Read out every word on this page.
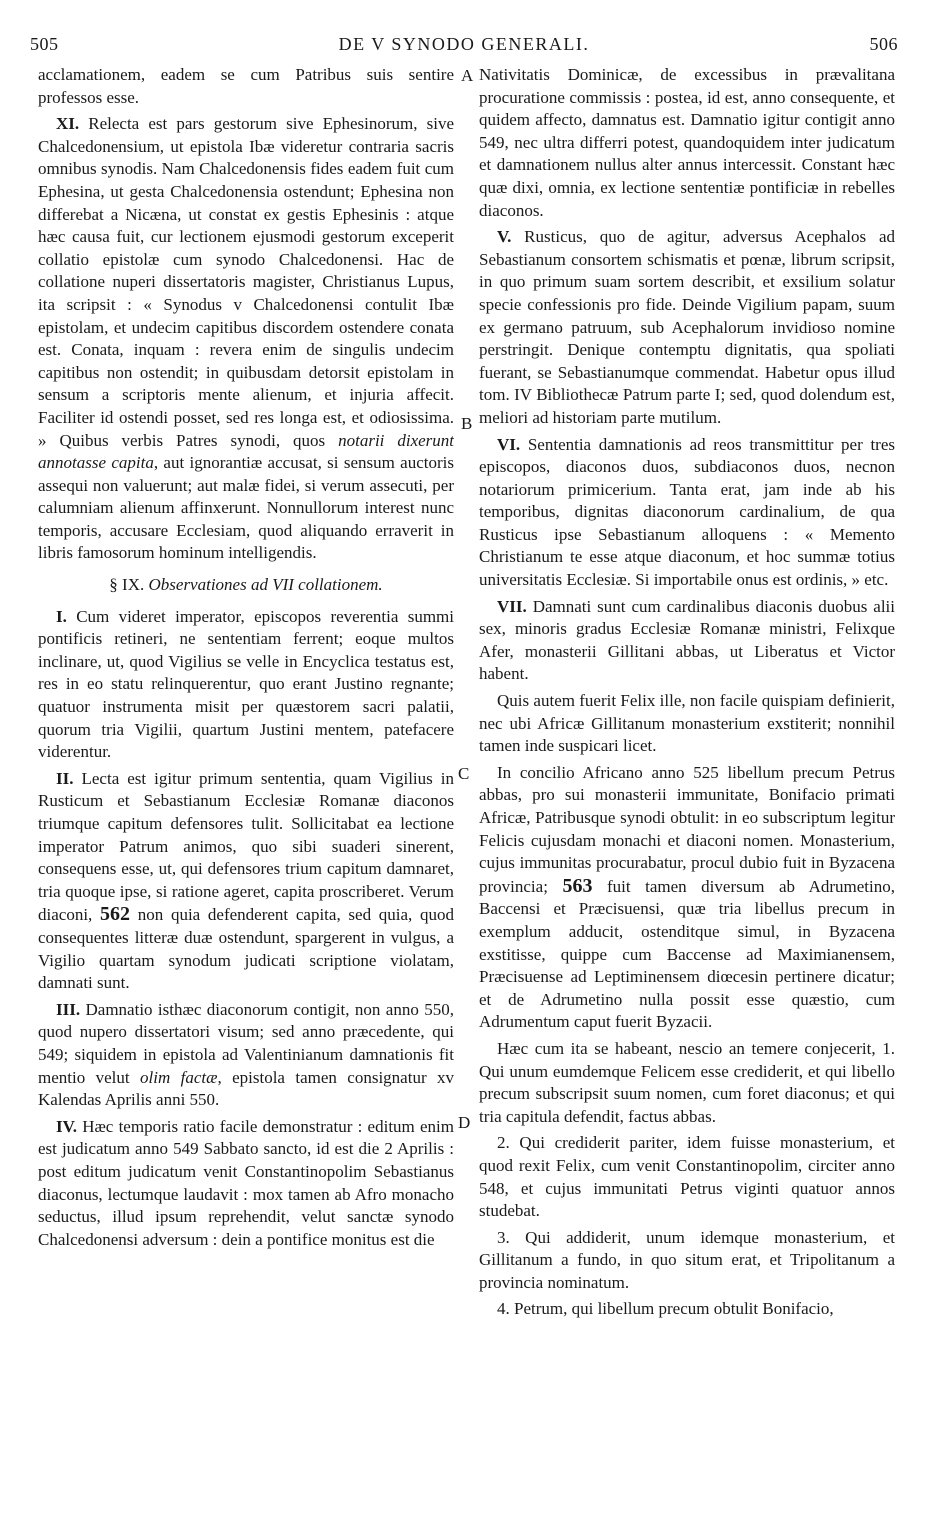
505	DE V SYNODO GENERALI.	506
A
B
C
D

acclamationem, eadem se cum Patribus suis sentire professos esse.

XI. Relecta est pars gestorum sive Ephesinorum, sive Chalcedonensium, ut epistola Ibæ videretur contraria sacris omnibus synodis. Nam Chalcedonensis fides eadem fuit cum Ephesina, ut gesta Chalcedonensia ostendunt; Ephesina non differebat a Nicæna, ut constat ex gestis Ephesinis : atque hæc causa fuit, cur lectionem ejusmodi gestorum exceperit collatio epistolæ cum synodo Chalcedonensi. Hac de collatione nuperi dissertatoris magister, Christianus Lupus, ita scripsit : « Synodus v Chalcedonensi contulit Ibæ epistolam, et undecim capitibus discordem ostendere conata est. Conata, inquam : revera enim de singulis undecim capitibus non ostendit; in quibusdam detorsit epistolam in sensum a scriptoris mente alienum, et injuria affecit. Faciliter id ostendi posset, sed res longa est, et odiosissima. » Quibus verbis Patres synodi, quos notarii dixerunt annotasse capita, aut ignorantiæ accusat, si sensum auctoris assequi non valuerunt; aut malæ fidei, si verum assecuti, per calumniam alienum affinxerunt. Nonnullorum interest nunc temporis, accusare Ecclesiam, quod aliquando erraverit in libris famosorum hominum intelligendis.

§ IX. Observationes ad VII collationem.

I. Cum videret imperator, episcopos reverentia summi pontificis retineri, ne sententiam ferrent; eoque multos inclinare, ut, quod Vigilius se velle in Encyclica testatus est, res in eo statu relinquerentur, quo erant Justino regnante; quatuor instrumenta misit per quæstorem sacri palatii, quorum tria Vigilii, quartum Justini mentem, patefacere viderentur.

II. Lecta est igitur primum sententia, quam Vigilius in Rusticum et Sebastianum Ecclesiæ Romanæ diaconos triumque capitum defensores tulit. Sollicitabat ea lectione imperator Patrum animos, quo sibi suaderi sinerent, consequens esse, ut, qui defensores trium capitum damnaret, tria quoque ipse, si ratione ageret, capita proscriberet. Verum diaconi, 562 non quia defenderent capita, sed quia, quod consequentes litteræ duæ ostendunt, spargerent in vulgus, a Vigilio quartam synodum judicati scriptione violatam, damnati sunt.

III. Damnatio isthæc diaconorum contigit, non anno 550, quod nupero dissertatori visum; sed anno præcedente, qui 549; siquidem in epistola ad Valentinianum damnationis fit mentio velut olim factæ, epistola tamen consignatur xv Kalendas Aprilis anni 550.

IV. Hæc temporis ratio facile demonstratur : editum enim est judicatum anno 549 Sabbato sancto, id est die 2 Aprilis : post editum judicatum venit Constantinopolim Sebastianus diaconus, lectumque laudavit : mox tamen ab Afro monacho seductus, illud ipsum reprehendit, velut sanctæ synodo Chalcedonensi adversum : dein a pontifice monitus est die

Nativitatis Dominicæ, de excessibus in prævalitana procuratione commissis : postea, id est, anno consequente, et quidem affecto, damnatus est. Damnatio igitur contigit anno 549, nec ultra differri potest, quandoquidem inter judicatum et damnationem nullus alter annus intercessit. Constant hæc quæ dixi, omnia, ex lectione sententiæ pontificiæ in rebelles diaconos.

V. Rusticus, quo de agitur, adversus Acephalos ad Sebastianum consortem schismatis et pœnæ, librum scripsit, in quo primum suam sortem describit, et exsilium solatur specie confessionis pro fide. Deinde Vigilium papam, suum ex germano patruum, sub Acephalorum invidioso nomine perstringit. Denique contemptu dignitatis, qua spoliati fuerant, se Sebastianumque commendat. Habetur opus illud tom. IV Bibliothecæ Patrum parte I; sed, quod dolendum est, meliori ad historiam parte mutilum.

VI. Sententia damnationis ad reos transmittitur per tres episcopos, diaconos duos, subdiaconos duos, necnon notariorum primicerium. Tanta erat, jam inde ab his temporibus, dignitas diaconorum cardinalium, de qua Rusticus ipse Sebastianum alloquens : « Memento Christianum te esse atque diaconum, et hoc summæ totius universitatis Ecclesiæ. Si importabile onus est ordinis, » etc.

VII. Damnati sunt cum cardinalibus diaconis duobus alii sex, minoris gradus Ecclesiæ Romanæ ministri, Felixque Afer, monasterii Gillitani abbas, ut Liberatus et Victor habent.

Quis autem fuerit Felix ille, non facile quispiam definierit, nec ubi Africæ Gillitanum monasterium exstiterit; nonnihil tamen inde suspicari licet.

In concilio Africano anno 525 libellum precum Petrus abbas, pro sui monasterii immunitate, Bonifacio primati Africæ, Patribusque synodi obtulit: in eo subscriptum legitur Felicis cujusdam monachi et diaconi nomen. Monasterium, cujus immunitas procurabatur, procul dubio fuit in Byzacena provincia; 563 fuit tamen diversum ab Adrumetino, Baccensi et Præcisuensi, quæ tria libellus precum in exemplum adducit, ostenditque simul, in Byzacena exstitisse, quippe cum Baccense ad Maximianensem, Præcisuense ad Leptiminensem diœcesin pertinere dicatur; et de Adrumetino nulla possit esse quæstio, cum Adrumentum caput fuerit Byzacii.

Hæc cum ita se habeant, nescio an temere conjecerit, 1. Qui unum eumdemque Felicem esse crediderit, et qui libello precum subscripsit suum nomen, cum foret diaconus; et qui tria capitula defendit, factus abbas.

2. Qui crediderit pariter, idem fuisse monasterium, et quod rexit Felix, cum venit Constantinopolim, circiter anno 548, et cujus immunitati Petrus viginti quatuor annos studebat.

3. Qui addiderit, unum idemque monasterium, et Gillitanum a fundo, in quo situm erat, et Tripolitanum a provincia nominatum.

4. Petrum, qui libellum precum obtulit Bonifacio,
